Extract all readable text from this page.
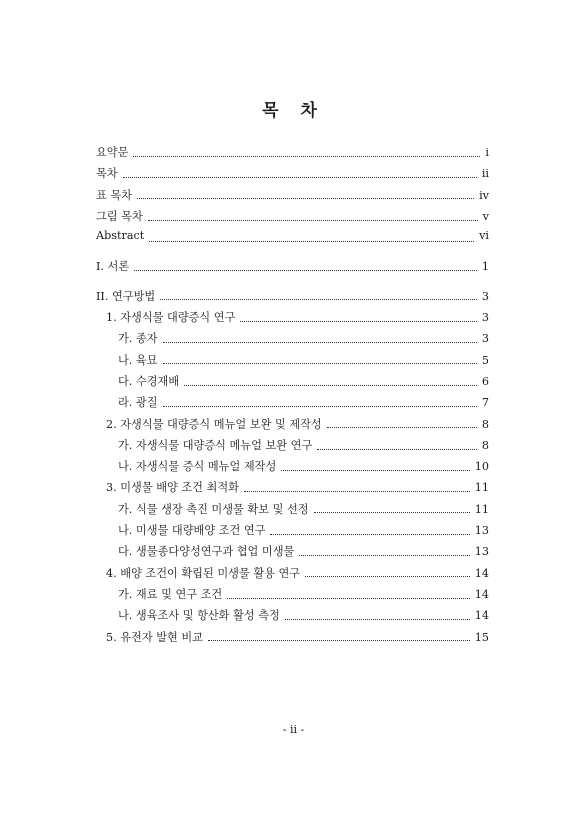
목 차
요약문	i
목차	ii
표 목차	iv
그림 목차	v
Abstract	vi
I. 서론	1
II. 연구방법	3
1. 자생식물 대량증식 연구	3
가. 종자	3
나. 육묘	5
다. 수경재배	6
라. 광질	7
2. 자생식물 대량증식 메뉴얼 보완 및 제작성	8
가. 자생식물 대량증식 메뉴얼 보완 연구	8
나. 자생식물 증식 메뉴얼 제작성	10
3. 미생물 배양 조건 최적화	11
가. 식물 생장 촉진 미생물 확보 및 선정	11
나. 미생물 대량배양 조건 연구	13
다. 생물종다양성연구과 협업 미생물	13
4. 배양 조건이 확립된 미생물 활용 연구	14
가. 재료 및 연구 조건	14
나. 생육조사 및 항산화 활성 측정	14
5. 유전자 발현 비교	15
- ii -
